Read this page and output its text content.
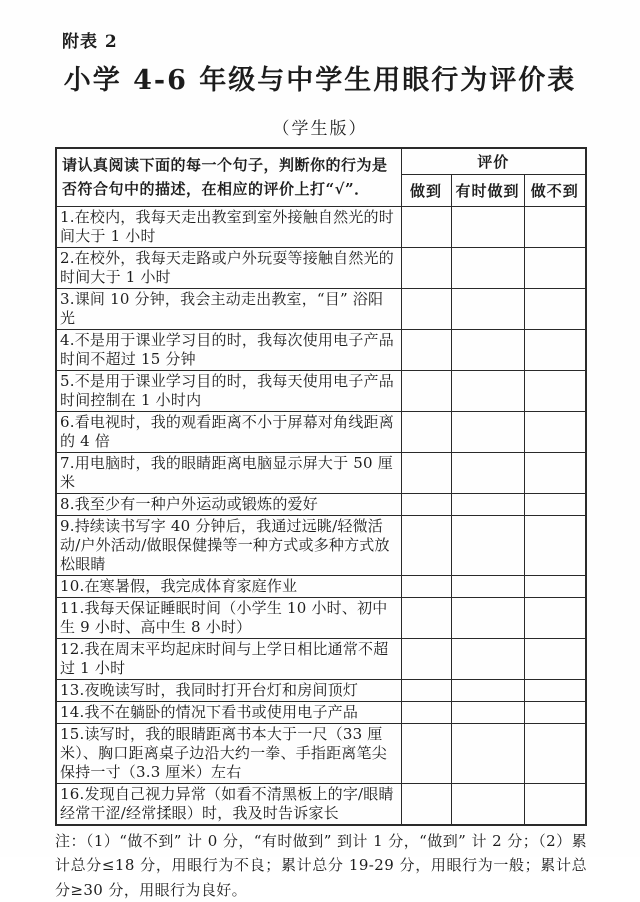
附表 2
小学 4-6 年级与中学生用眼行为评价表
（学生版）
请认真阅读下面的每一个句子，判断你的行为是否符合句中的描述，在相应的评价上打“√”．	评价		
	做到	有时做到	做不到
1.在校内，我每天走出教室到室外接触自然光的时间大于 1 小时			
2.在校外，我每天走路或户外玩耍等接触自然光的时间大于 1 小时			
3.课间 10 分钟，我会主动走出教室，“目” 浴阳光			
4.不是用于课业学习目的时，我每次使用电子产品时间不超过 15 分钟			
5.不是用于课业学习目的时，我每天使用电子产品时间控制在 1 小时内			
6.看电视时，我的观看距离不小于屏幕对角线距离的 4 倍			
7.用电脑时，我的眼睛距离电脑显示屏大于 50 厘米			
8.我至少有一种户外运动或锻炼的爱好			
9.持续读书写字 40 分钟后，我通过远眺/轻微活动/户外活动/做眼保健操等一种方式或多种方式放松眼睛			
10.在寒暑假，我完成体育家庭作业			
11.我每天保证睡眠时间（小学生 10 小时、初中生 9 小时、高中生 8 小时）			
12.我在周末平均起床时间与上学日相比通常不超过 1 小时			
13.夜晚读写时，我同时打开台灯和房间顶灯			
14.我不在躺卧的情况下看书或使用电子产品			
15.读写时，我的眼睛距离书本大于一尺（33 厘米）、胸口距离桌子边沿大约一拳、手指距离笔尖保持一寸（3.3 厘米）左右			
16.发现自己视力异常（如看不清黑板上的字/眼睛经常干涩/经常揉眼）时，我及时告诉家长			
注：（1）“做不到” 计 0 分，“有时做到” 到计 1 分，“做到” 计 2 分；（2）累计总分≤18 分，用眼行为不良；累计总分 19-29 分，用眼行为一般；累计总分≥30 分，用眼行为良好。
